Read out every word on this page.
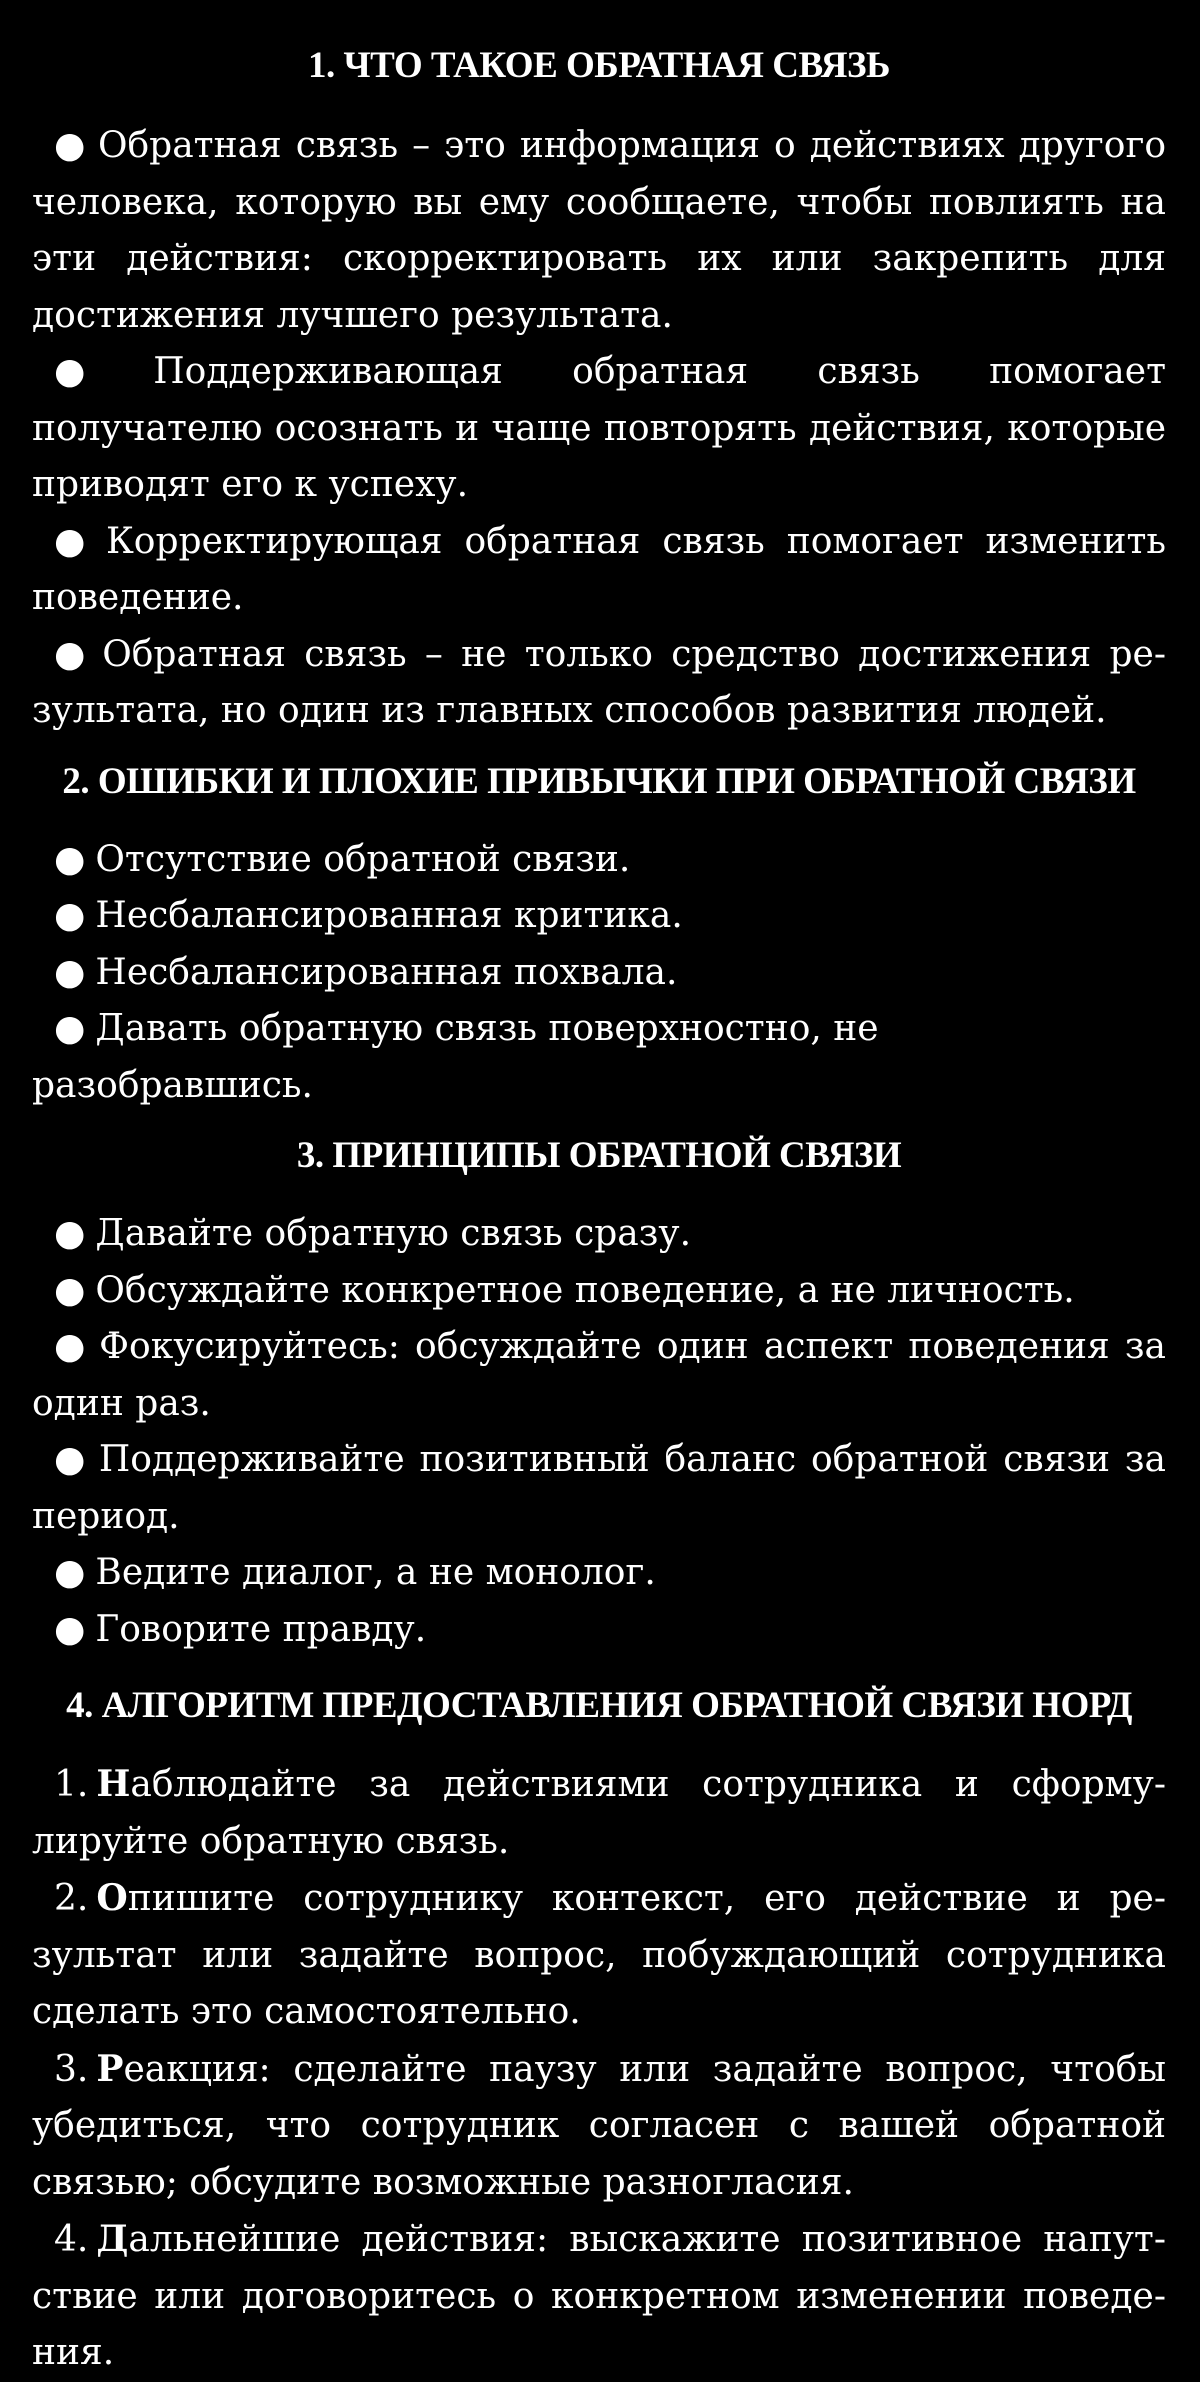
1. ЧТО ТАКОЕ ОБРАТНАЯ СВЯЗЬ

● Обратная связь – это информация о действиях другого человека, которую вы ему сообщаете, чтобы повлиять на эти действия: скорректировать их или закрепить для достижения лучшего результата.

● Поддерживающая обратная связь помогает получателю осознать и чаще повторять действия, которые приводят его к успеху.

● Корректирующая обратная связь помогает изменить поведение.

● Обратная связь – не только средство достижения результата, но один из главных способов развития людей.

2. ОШИБКИ И ПЛОХИЕ ПРИВЫЧКИ ПРИ ОБРАТНОЙ СВЯЗИ

● Отсутствие обратной связи.

● Несбалансированная критика.

● Несбалансированная похвала.

● Давать обратную связь поверхностно, не разобравшись.

3. ПРИНЦИПЫ ОБРАТНОЙ СВЯЗИ

● Давайте обратную связь сразу.

● Обсуждайте конкретное поведение, а не личность.

● Фокусируйтесь: обсуждайте один аспект поведения за один раз.

● Поддерживайте позитивный баланс обратной связи за период.

● Ведите диалог, а не монолог.

● Говорите правду.

4. АЛГОРИТМ ПРЕДОСТАВЛЕНИЯ ОБРАТНОЙ СВЯЗИ НОРД

1. Наблюдайте за действиями сотрудника и сформулируйте обратную связь.

2. Опишите сотруднику контекст, его действие и результат или задайте вопрос, побуждающий сотрудника сделать это самостоятельно.

3. Реакция: сделайте паузу или задайте вопрос, чтобы убедиться, что сотрудник согласен с вашей обратной связью; обсудите возможные разногласия.

4. Дальнейшие действия: выскажите позитивное напутствие или договоритесь о конкретном изменении поведения.
